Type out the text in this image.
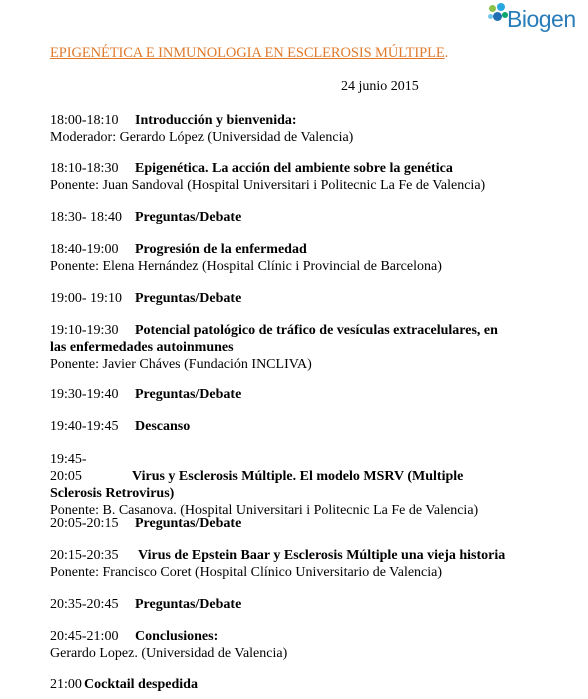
Biogen
EPIGENÉTICA E INMUNOLOGIA EN ESCLEROSIS MÚLTIPLE.
24 junio 2015
18:00-18:10 Introducción y bienvenida:
Moderador: Gerardo López (Universidad de Valencia)
18:10-18:30 Epigenética. La acción del ambiente sobre la genética
Ponente: Juan Sandoval (Hospital Universitari i Politecnic La Fe de Valencia)
18:30- 18:40 Preguntas/Debate
18:40-19:00 Progresión de la enfermedad
Ponente: Elena Hernández (Hospital Clínic i Provincial de Barcelona)
19:00- 19:10 Preguntas/Debate
19:10-19:30 Potencial patológico de tráfico de vesículas extracelulares, en las enfermedades autoinmunes
Ponente: Javier Cháves (Fundación INCLIVA)
19:30-19:40 Preguntas/Debate
19:40-19:45 Descanso
19:45- 20:05	Virus y Esclerosis Múltiple. El modelo MSRV (Multiple Sclerosis Retrovirus)
Ponente: B. Casanova. (Hospital Universitari i Politecnic La Fe de Valencia)
20:05-20:15 Preguntas/Debate
20:15-20:35 Virus de Epstein Baar y Esclerosis Múltiple una vieja historia
Ponente: Francisco Coret (Hospital Clínico Universitario de Valencia)
20:35-20:45 Preguntas/Debate
20:45-21:00 Conclusiones:
Gerardo Lopez. (Universidad de Valencia)
21:00 Cocktail despedida
